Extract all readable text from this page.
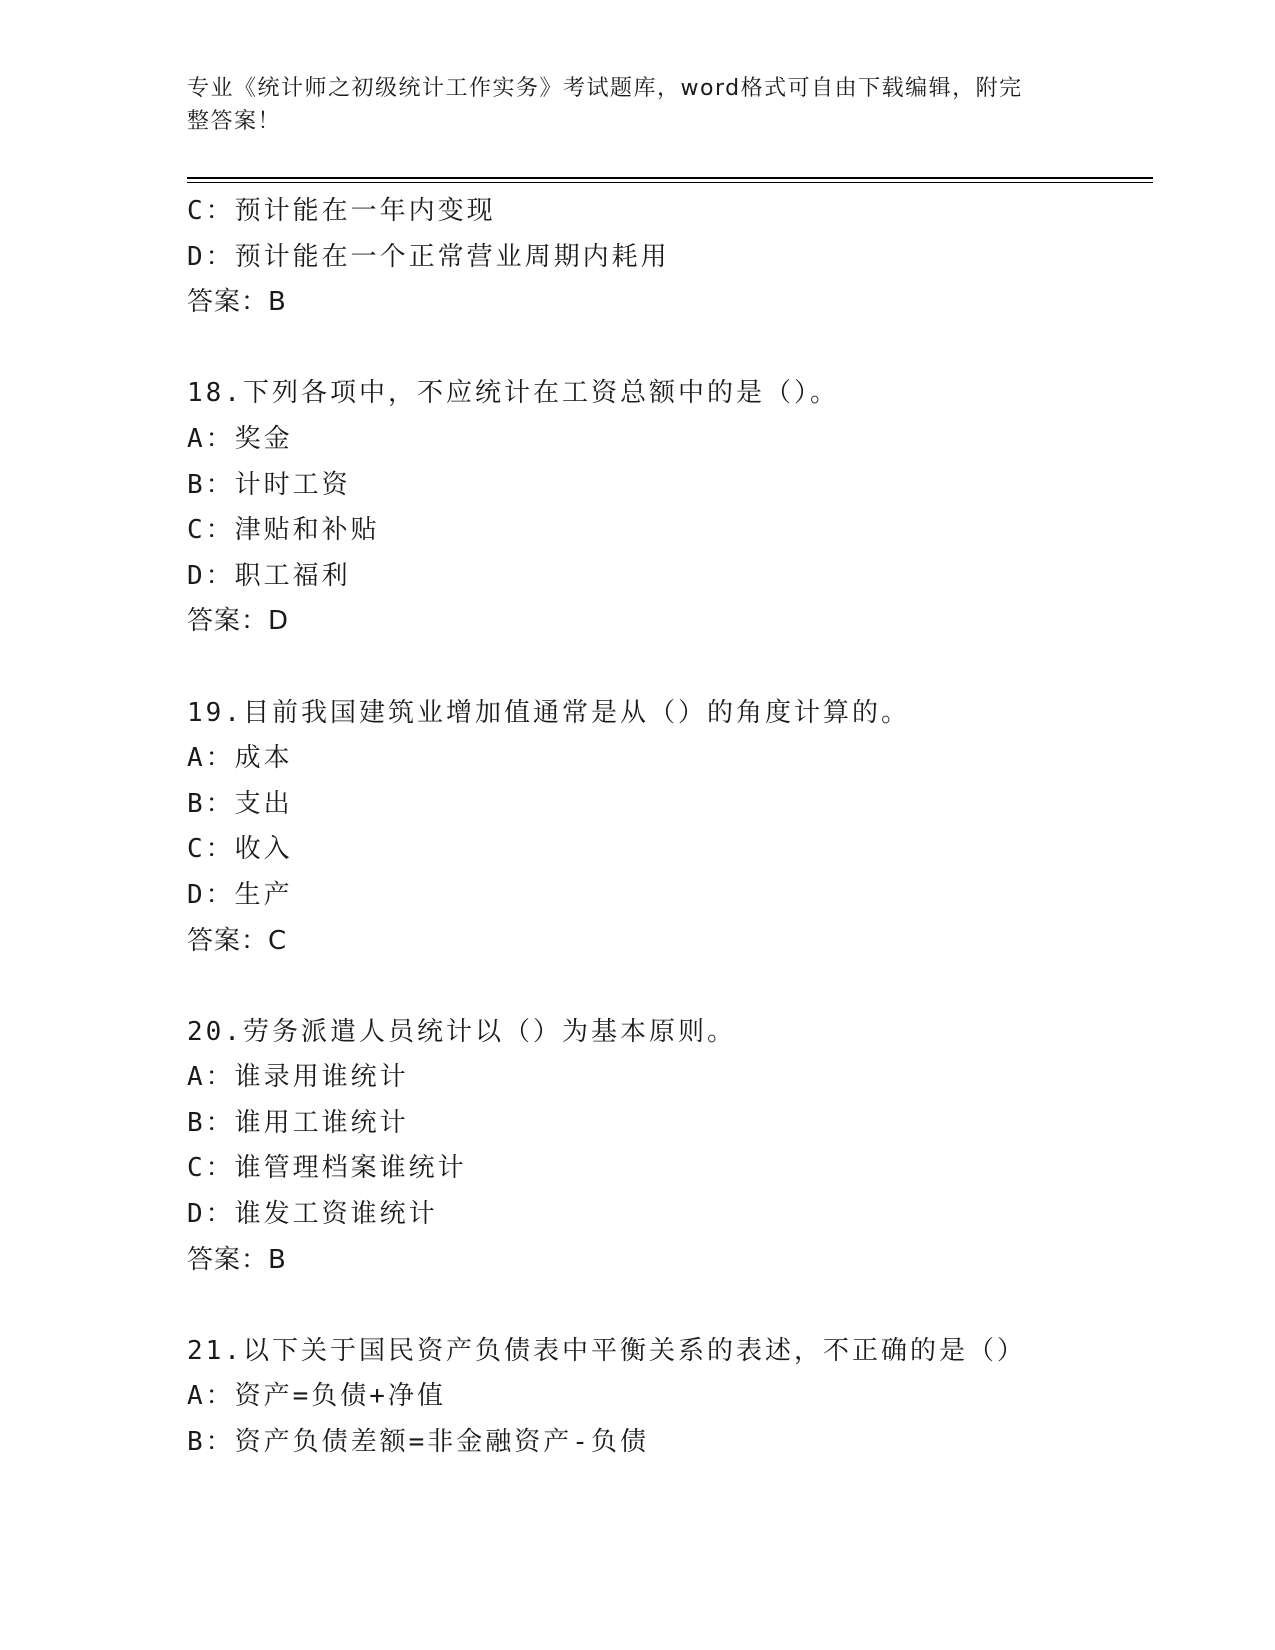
专业《统计师之初级统计工作实务》考试题库，word格式可自由下载编辑，附完
整答案！
C：预计能在一年内变现
D：预计能在一个正常营业周期内耗用
答案：B
18.下列各项中，不应统计在工资总额中的是（）。
A：奖金
B：计时工资
C：津贴和补贴
D：职工福利
答案：D
19.目前我国建筑业增加值通常是从（）的角度计算的。
A：成本
B：支出
C：收入
D：生产
答案：C
20.劳务派遣人员统计以（）为基本原则。
A：谁录用谁统计
B：谁用工谁统计
C：谁管理档案谁统计
D：谁发工资谁统计
答案：B
21.以下关于国民资产负债表中平衡关系的表述，不正确的是（）
A：资产=负债+净值
B：资产负债差额=非金融资产-负债
